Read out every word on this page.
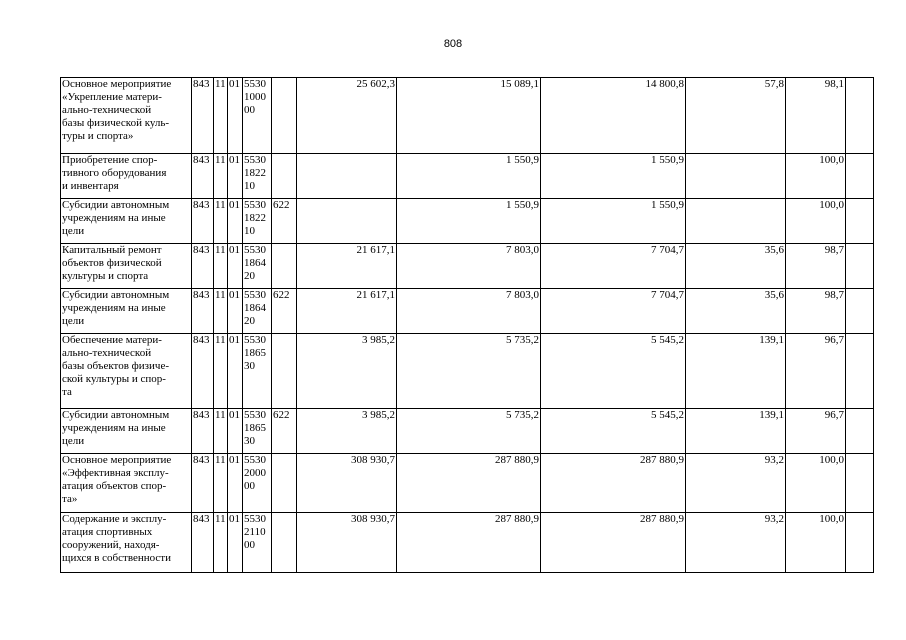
808
Основное мероприятие
«Укрепление матери-
ально-технической
базы физической куль-
туры и спорта»	843	11	01	5530
1000
00		25 602,3	15 089,1	14 800,8	57,8	98,1	
Приобретение спор-
тивного оборудования
и инвентаря	843	11	01	5530
1822
10			1 550,9	1 550,9		100,0	
Субсидии автономным
учреждениям на иные
цели	843	11	01	5530
1822
10	622		1 550,9	1 550,9		100,0	
Капитальный ремонт
объектов физической
культуры и спорта	843	11	01	5530
1864
20		21 617,1	7 803,0	7 704,7	35,6	98,7	
Субсидии автономным
учреждениям на иные
цели	843	11	01	5530
1864
20	622	21 617,1	7 803,0	7 704,7	35,6	98,7	
Обеспечение матери-
ально-технической
базы объектов физиче-
ской культуры и спор-
та	843	11	01	5530
1865
30		3 985,2	5 735,2	5 545,2	139,1	96,7	
Субсидии автономным
учреждениям на иные
цели	843	11	01	5530
1865
30	622	3 985,2	5 735,2	5 545,2	139,1	96,7	
Основное мероприятие
«Эффективная эксплу-
атация объектов спор-
та»	843	11	01	5530
2000
00		308 930,7	287 880,9	287 880,9	93,2	100,0	
Содержание и эксплу-
атация спортивных
сооружений, находя-
щихся в собственности	843	11	01	5530
2110
00		308 930,7	287 880,9	287 880,9	93,2	100,0	
